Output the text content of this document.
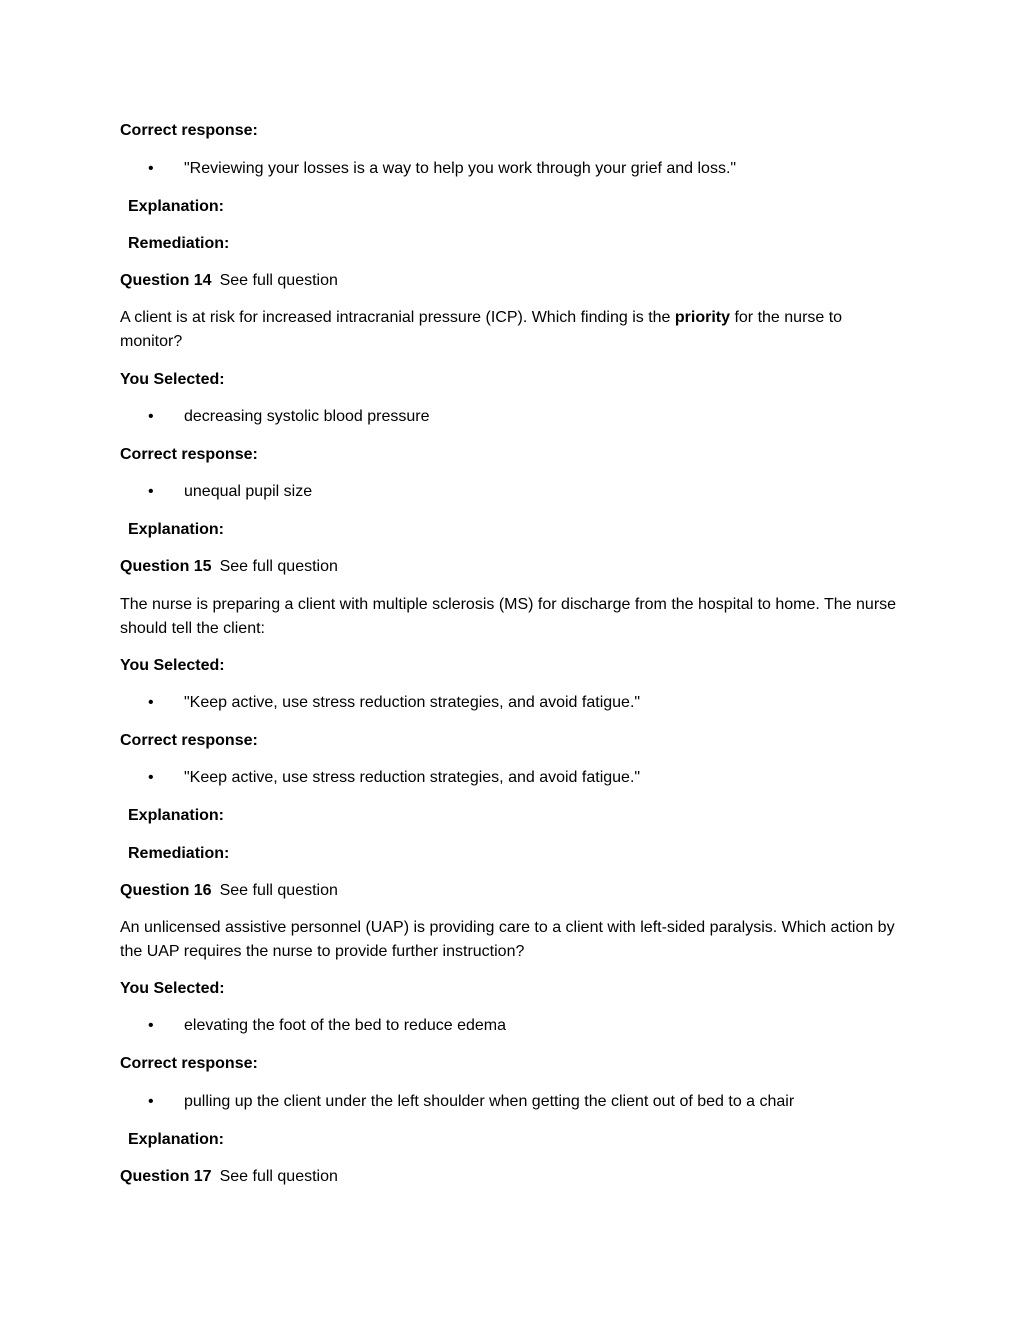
Correct response:
• "Reviewing your losses is a way to help you work through your grief and loss."
Explanation:
Remediation:
Question 14 See full question
A client is at risk for increased intracranial pressure (ICP). Which finding is the priority for the nurse to monitor?
You Selected:
• decreasing systolic blood pressure
Correct response:
• unequal pupil size
Explanation:
Question 15 See full question
The nurse is preparing a client with multiple sclerosis (MS) for discharge from the hospital to home. The nurse should tell the client:
You Selected:
• "Keep active, use stress reduction strategies, and avoid fatigue."
Correct response:
• "Keep active, use stress reduction strategies, and avoid fatigue."
Explanation:
Remediation:
Question 16 See full question
An unlicensed assistive personnel (UAP) is providing care to a client with left-sided paralysis. Which action by the UAP requires the nurse to provide further instruction?
You Selected:
• elevating the foot of the bed to reduce edema
Correct response:
• pulling up the client under the left shoulder when getting the client out of bed to a chair
Explanation:
Question 17 See full question
